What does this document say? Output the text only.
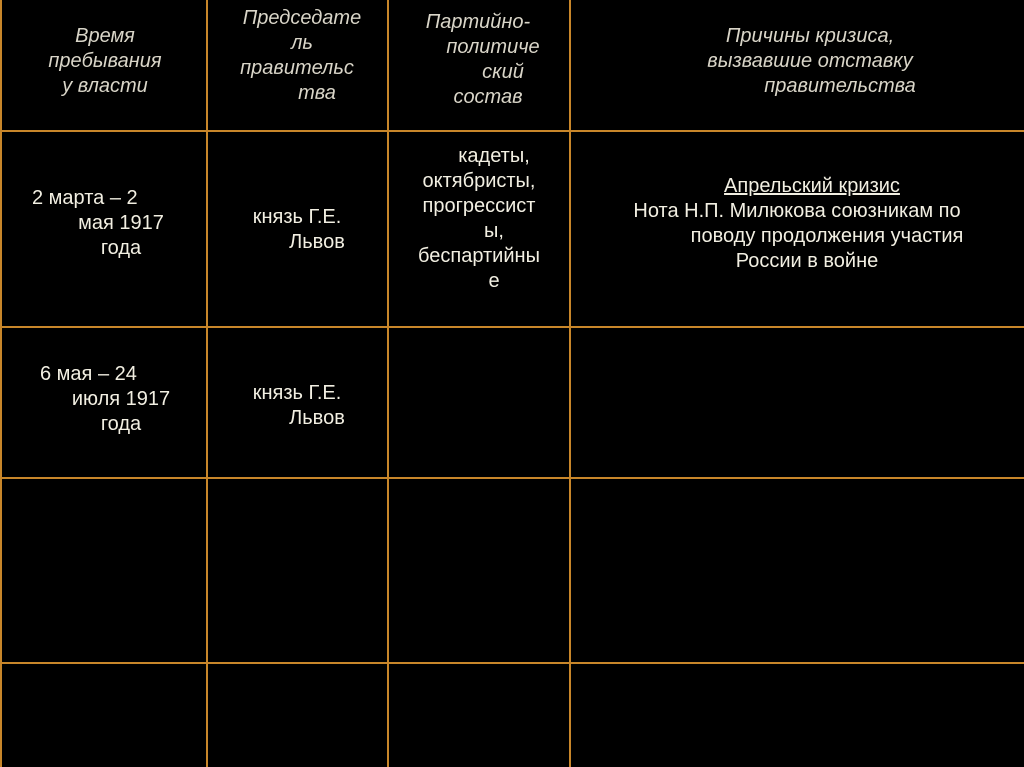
Время
пребывания
у власти
Председате
ль
правительс
тва
Партийно-
политиче
ский
состав
Причины кризиса,
вызвавшие отставку
правительства
2 марта – 2
мая 1917
года
князь Г.Е.
Львов
кадеты,
октябристы,
прогрессист
ы,
беспартийны
е
Апрельский кризис
Нота Н.П. Милюкова союзникам по
поводу продолжения участия
России в войне
6 мая – 24
июля 1917
года
князь Г.Е.
Львов
